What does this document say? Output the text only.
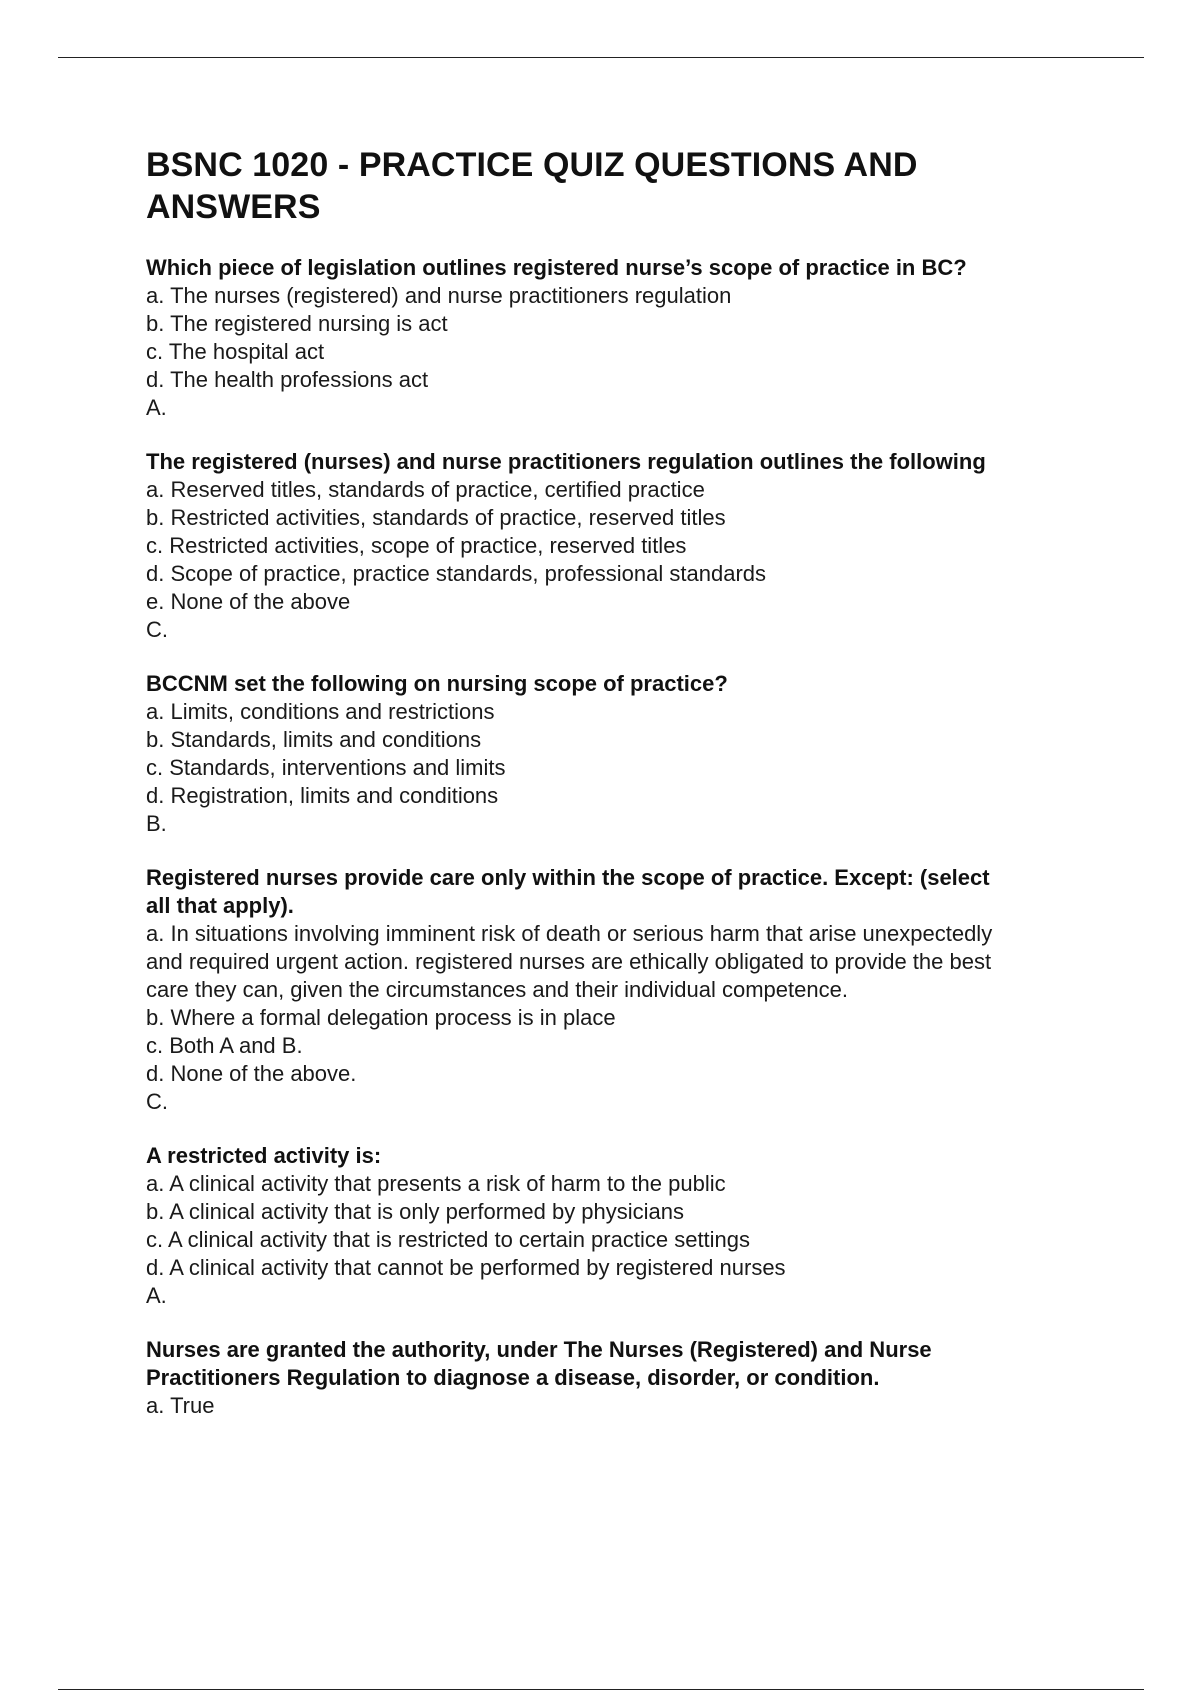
BSNC 1020 - PRACTICE QUIZ QUESTIONS AND
ANSWERS
Which piece of legislation outlines registered nurse’s scope of practice in BC?
a. The nurses (registered) and nurse practitioners regulation
b. The registered nursing is act
c. The hospital act
d. The health professions act
A.
The registered (nurses) and nurse practitioners regulation outlines the following
a. Reserved titles, standards of practice, certified practice
b. Restricted activities, standards of practice, reserved titles
c. Restricted activities, scope of practice, reserved titles
d. Scope of practice, practice standards, professional standards
e. None of the above
C.
BCCNM set the following on nursing scope of practice?
a. Limits, conditions and restrictions
b. Standards, limits and conditions
c. Standards, interventions and limits
d. Registration, limits and conditions
B.
Registered nurses provide care only within the scope of practice. Except: (select
all that apply).
a. In situations involving imminent risk of death or serious harm that arise unexpectedly
and required urgent action. registered nurses are ethically obligated to provide the best
care they can, given the circumstances and their individual competence.
b. Where a formal delegation process is in place
c. Both A and B.
d. None of the above.
C.
A restricted activity is:
a. A clinical activity that presents a risk of harm to the public
b. A clinical activity that is only performed by physicians
c. A clinical activity that is restricted to certain practice settings
d. A clinical activity that cannot be performed by registered nurses
A.
Nurses are granted the authority, under The Nurses (Registered) and Nurse
Practitioners Regulation to diagnose a disease, disorder, or condition.
a. True
